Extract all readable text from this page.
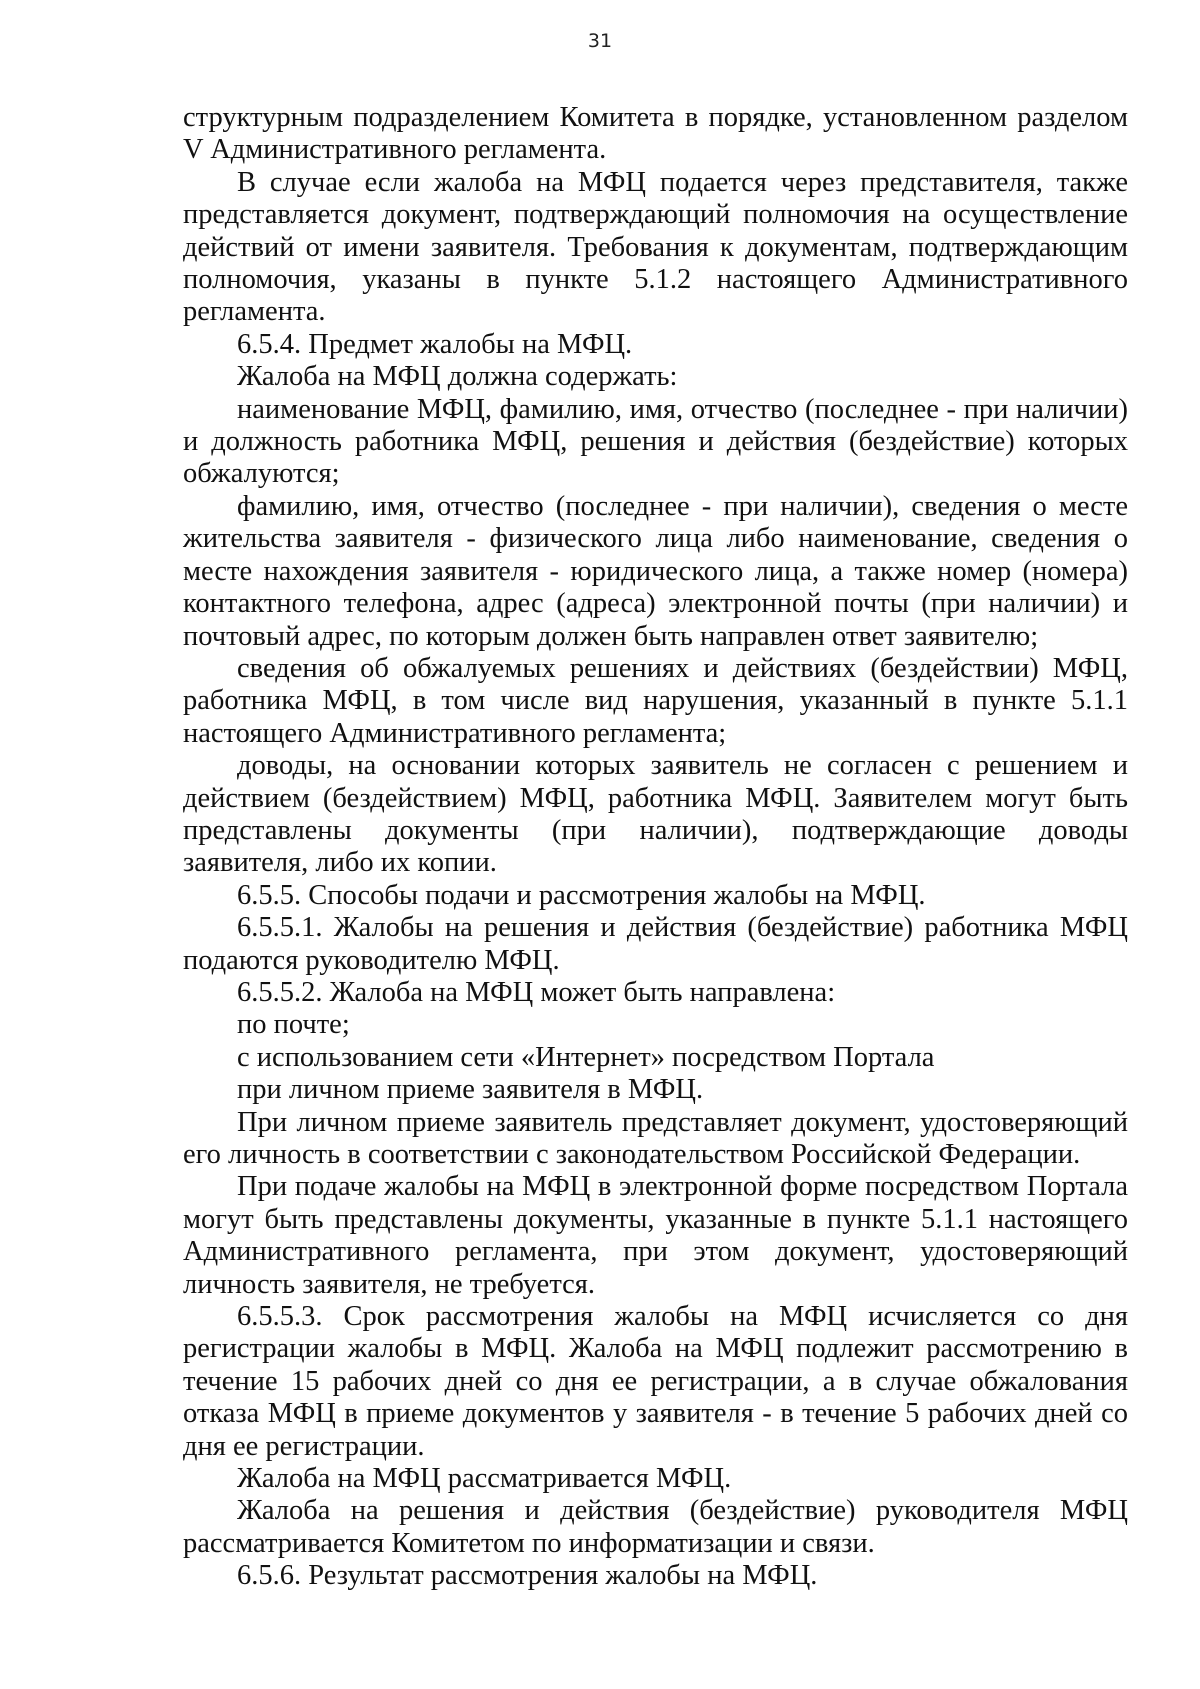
31

структурным подразделением Комитета в порядке, установленном разделом V Административного регламента.

В случае если жалоба на МФЦ подается через представителя, также представляется документ, подтверждающий полномочия на осуществление действий от имени заявителя. Требования к документам, подтверждающим полномочия, указаны в пункте 5.1.2 настоящего Административного регламента.

6.5.4. Предмет жалобы на МФЦ.

Жалоба на МФЦ должна содержать:

наименование МФЦ, фамилию, имя, отчество (последнее - при наличии) и должность работника МФЦ, решения и действия (бездействие) которых обжалуются;

фамилию, имя, отчество (последнее - при наличии), сведения о месте жительства заявителя - физического лица либо наименование, сведения о месте нахождения заявителя - юридического лица, а также номер (номера) контактного телефона, адрес (адреса) электронной почты (при наличии) и почтовый адрес, по которым должен быть направлен ответ заявителю;

сведения об обжалуемых решениях и действиях (бездействии) МФЦ, работника МФЦ, в том числе вид нарушения, указанный в пункте 5.1.1 настоящего Административного регламента;

доводы, на основании которых заявитель не согласен с решением и действием (бездействием) МФЦ, работника МФЦ. Заявителем могут быть представлены документы (при наличии), подтверждающие доводы заявителя, либо их копии.

6.5.5. Способы подачи и рассмотрения жалобы на МФЦ.

6.5.5.1. Жалобы на решения и действия (бездействие) работника МФЦ подаются руководителю МФЦ.

6.5.5.2. Жалоба на МФЦ может быть направлена:

по почте;

с использованием сети «Интернет» посредством Портала

при личном приеме заявителя в МФЦ.

При личном приеме заявитель представляет документ, удостоверяющий его личность в соответствии с законодательством Российской Федерации.

При подаче жалобы на МФЦ в электронной форме посредством Портала могут быть представлены документы, указанные в пункте 5.1.1 настоящего Административного регламента, при этом документ, удостоверяющий личность заявителя, не требуется.

6.5.5.3. Срок рассмотрения жалобы на МФЦ исчисляется со дня регистрации жалобы в МФЦ. Жалоба на МФЦ подлежит рассмотрению в течение 15 рабочих дней со дня ее регистрации, а в случае обжалования отказа МФЦ в приеме документов у заявителя - в течение 5 рабочих дней со дня ее регистрации.

Жалоба на МФЦ рассматривается МФЦ.

Жалоба на решения и действия (бездействие) руководителя МФЦ рассматривается Комитетом по информатизации и связи.

6.5.6. Результат рассмотрения жалобы на МФЦ.
